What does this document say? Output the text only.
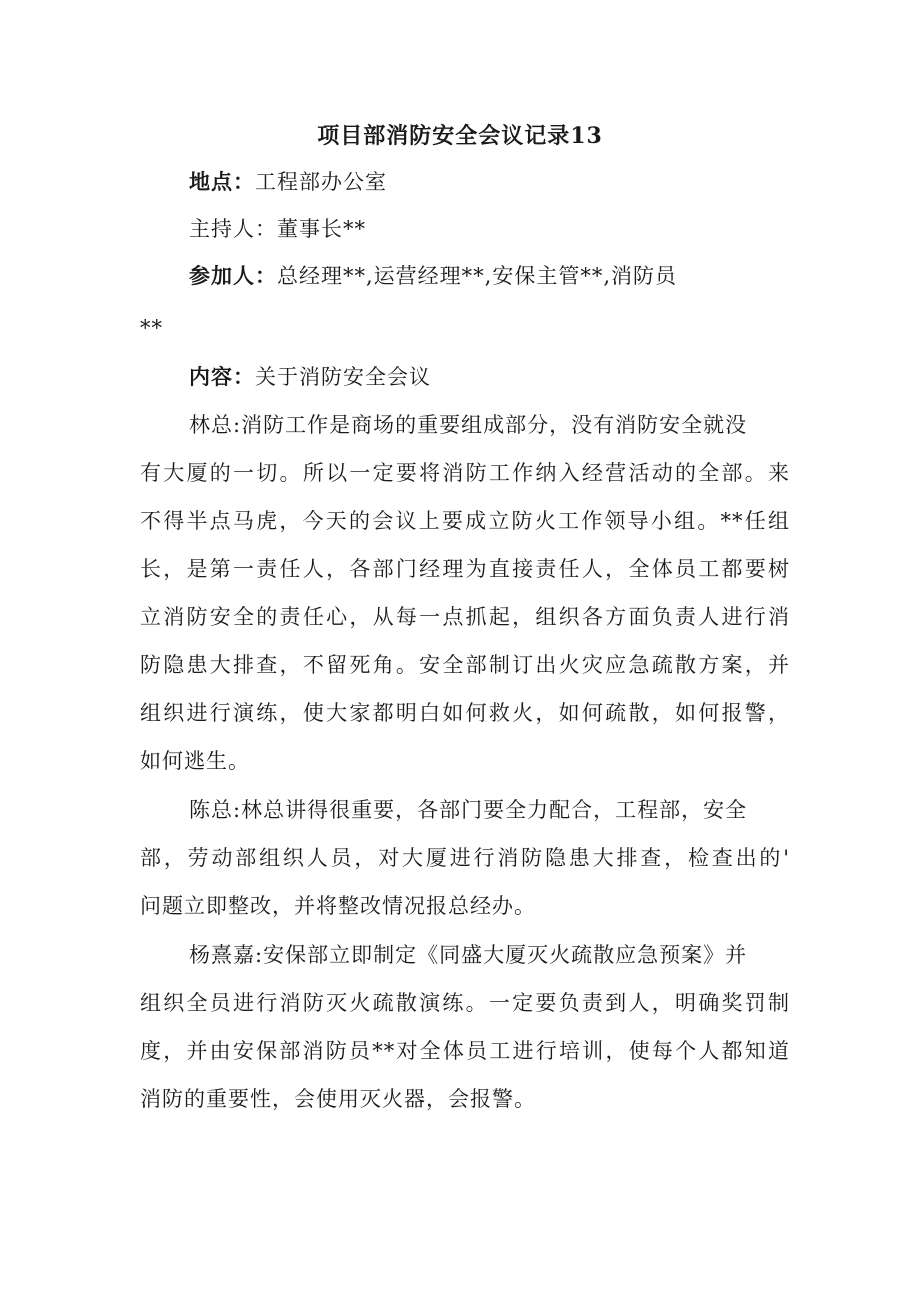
项目部消防安全会议记录13
地点：工程部办公室
主持人：董事长**
参加人：总经理**,运营经理**,安保主管**,消防员
**
内容：关于消防安全会议
林总:消防工作是商场的重要组成部分，没有消防安全就没
有大厦的一切。所以一定要将消防工作纳入经营活动的全部。来
不得半点马虎，今天的会议上要成立防火工作领导小组。**任组
长，是第一责任人，各部门经理为直接责任人，全体员工都要树
立消防安全的责任心，从每一点抓起，组织各方面负责人进行消
防隐患大排查，不留死角。安全部制订出火灾应急疏散方案，并
组织进行演练，使大家都明白如何救火，如何疏散，如何报警，
如何逃生。
陈总:林总讲得很重要，各部门要全力配合，工程部，安全
部，劳动部组织人员，对大厦进行消防隐患大排查，检查出的'
问题立即整改，并将整改情况报总经办。
杨熹嘉:安保部立即制定《同盛大厦灭火疏散应急预案》并
组织全员进行消防灭火疏散演练。一定要负责到人，明确奖罚制
度，并由安保部消防员**对全体员工进行培训，使每个人都知道
消防的重要性，会使用灭火器，会报警。
